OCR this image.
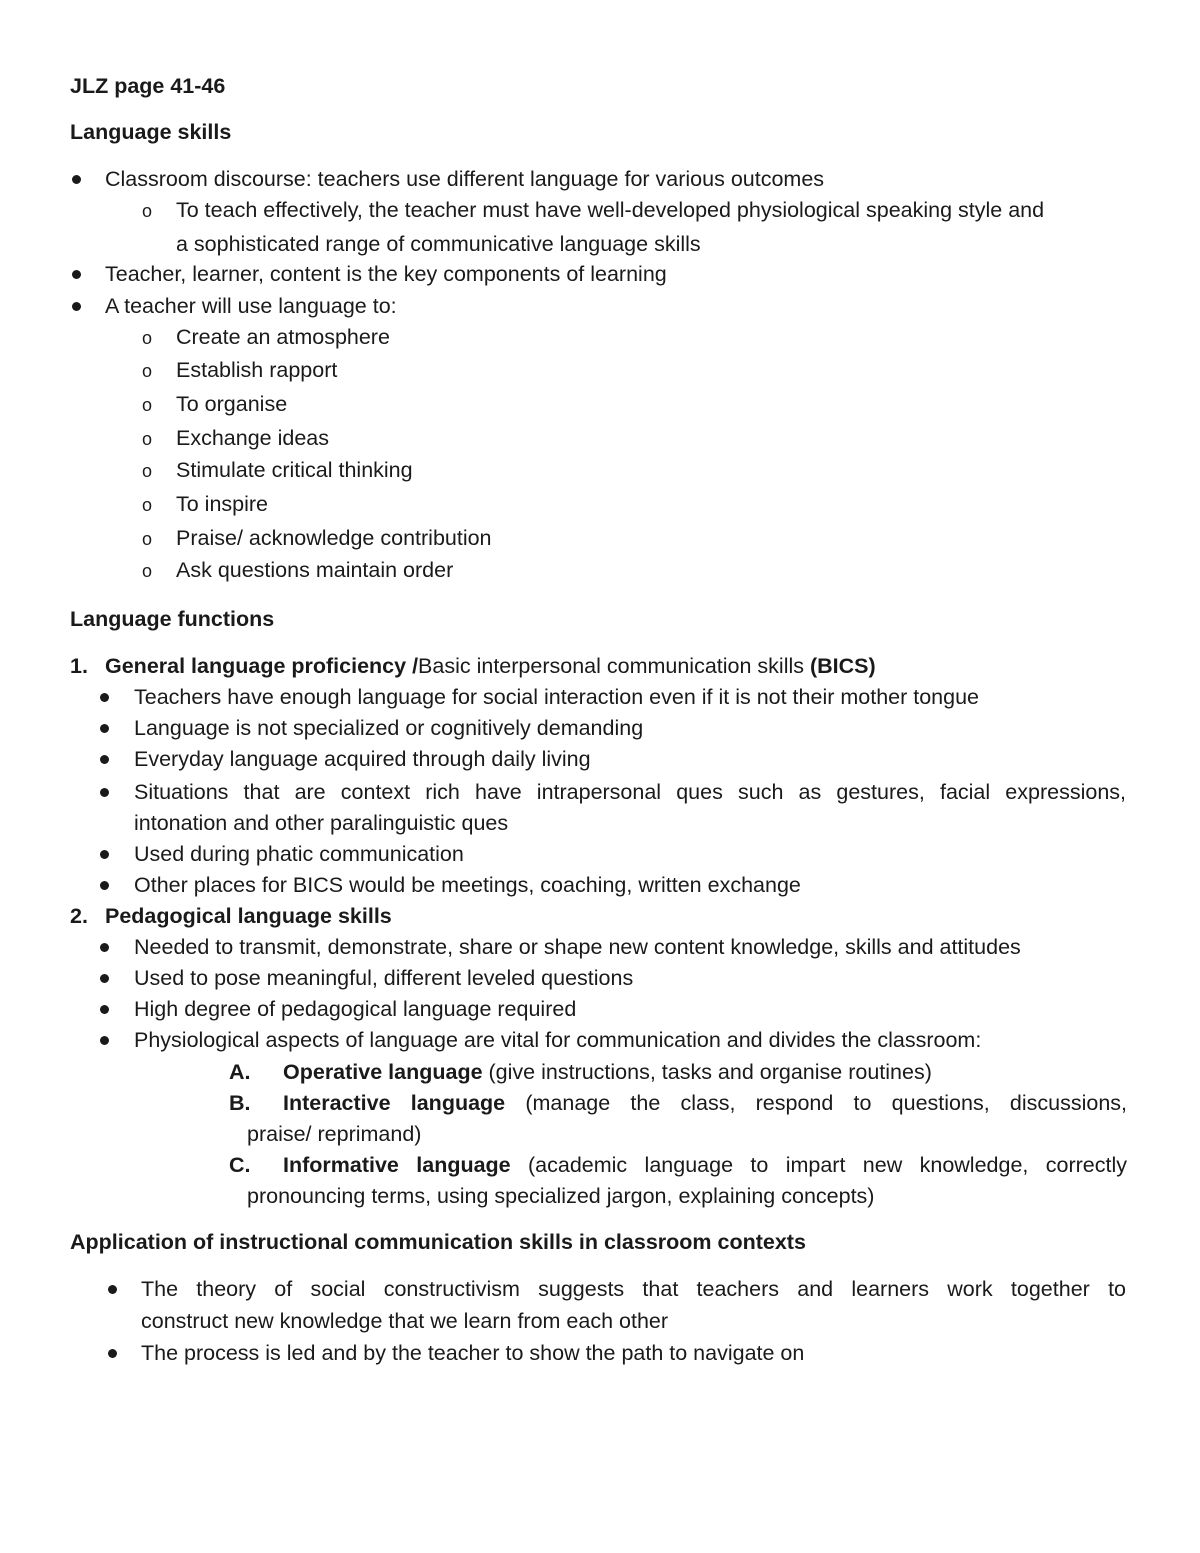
JLZ page 41-46
Language skills
Classroom discourse: teachers use different language for various outcomes
o To teach effectively, the teacher must have well-developed physiological speaking style and
a sophisticated range of communicative language skills
Teacher, learner, content is the key components of learning
A teacher will use language to:
o Create an atmosphere
o Establish rapport
o To organise
o Exchange ideas
o Stimulate critical thinking
o To inspire
o Praise/ acknowledge contribution
o Ask questions maintain order
Language functions
1. General language proficiency /Basic interpersonal communication skills (BICS)
Teachers have enough language for social interaction even if it is not their mother tongue
Language is not specialized or cognitively demanding
Everyday language acquired through daily living
Situations that are context rich have intrapersonal ques such as gestures, facial expressions,
intonation and other paralinguistic ques
Used during phatic communication
Other places for BICS would be meetings, coaching, written exchange
2. Pedagogical language skills
Needed to transmit, demonstrate, share or shape new content knowledge, skills and attitudes
Used to pose meaningful, different leveled questions
High degree of pedagogical language required
Physiological aspects of language are vital for communication and divides the classroom:
A. Operative language (give instructions, tasks and organise routines)
B. Interactive language (manage the class, respond to questions, discussions,
praise/ reprimand)
C. Informative language (academic language to impart new knowledge, correctly
pronouncing terms, using specialized jargon, explaining concepts)
Application of instructional communication skills in classroom contexts
The theory of social constructivism suggests that teachers and learners work together to
construct new knowledge that we learn from each other
The process is led and by the teacher to show the path to navigate on
